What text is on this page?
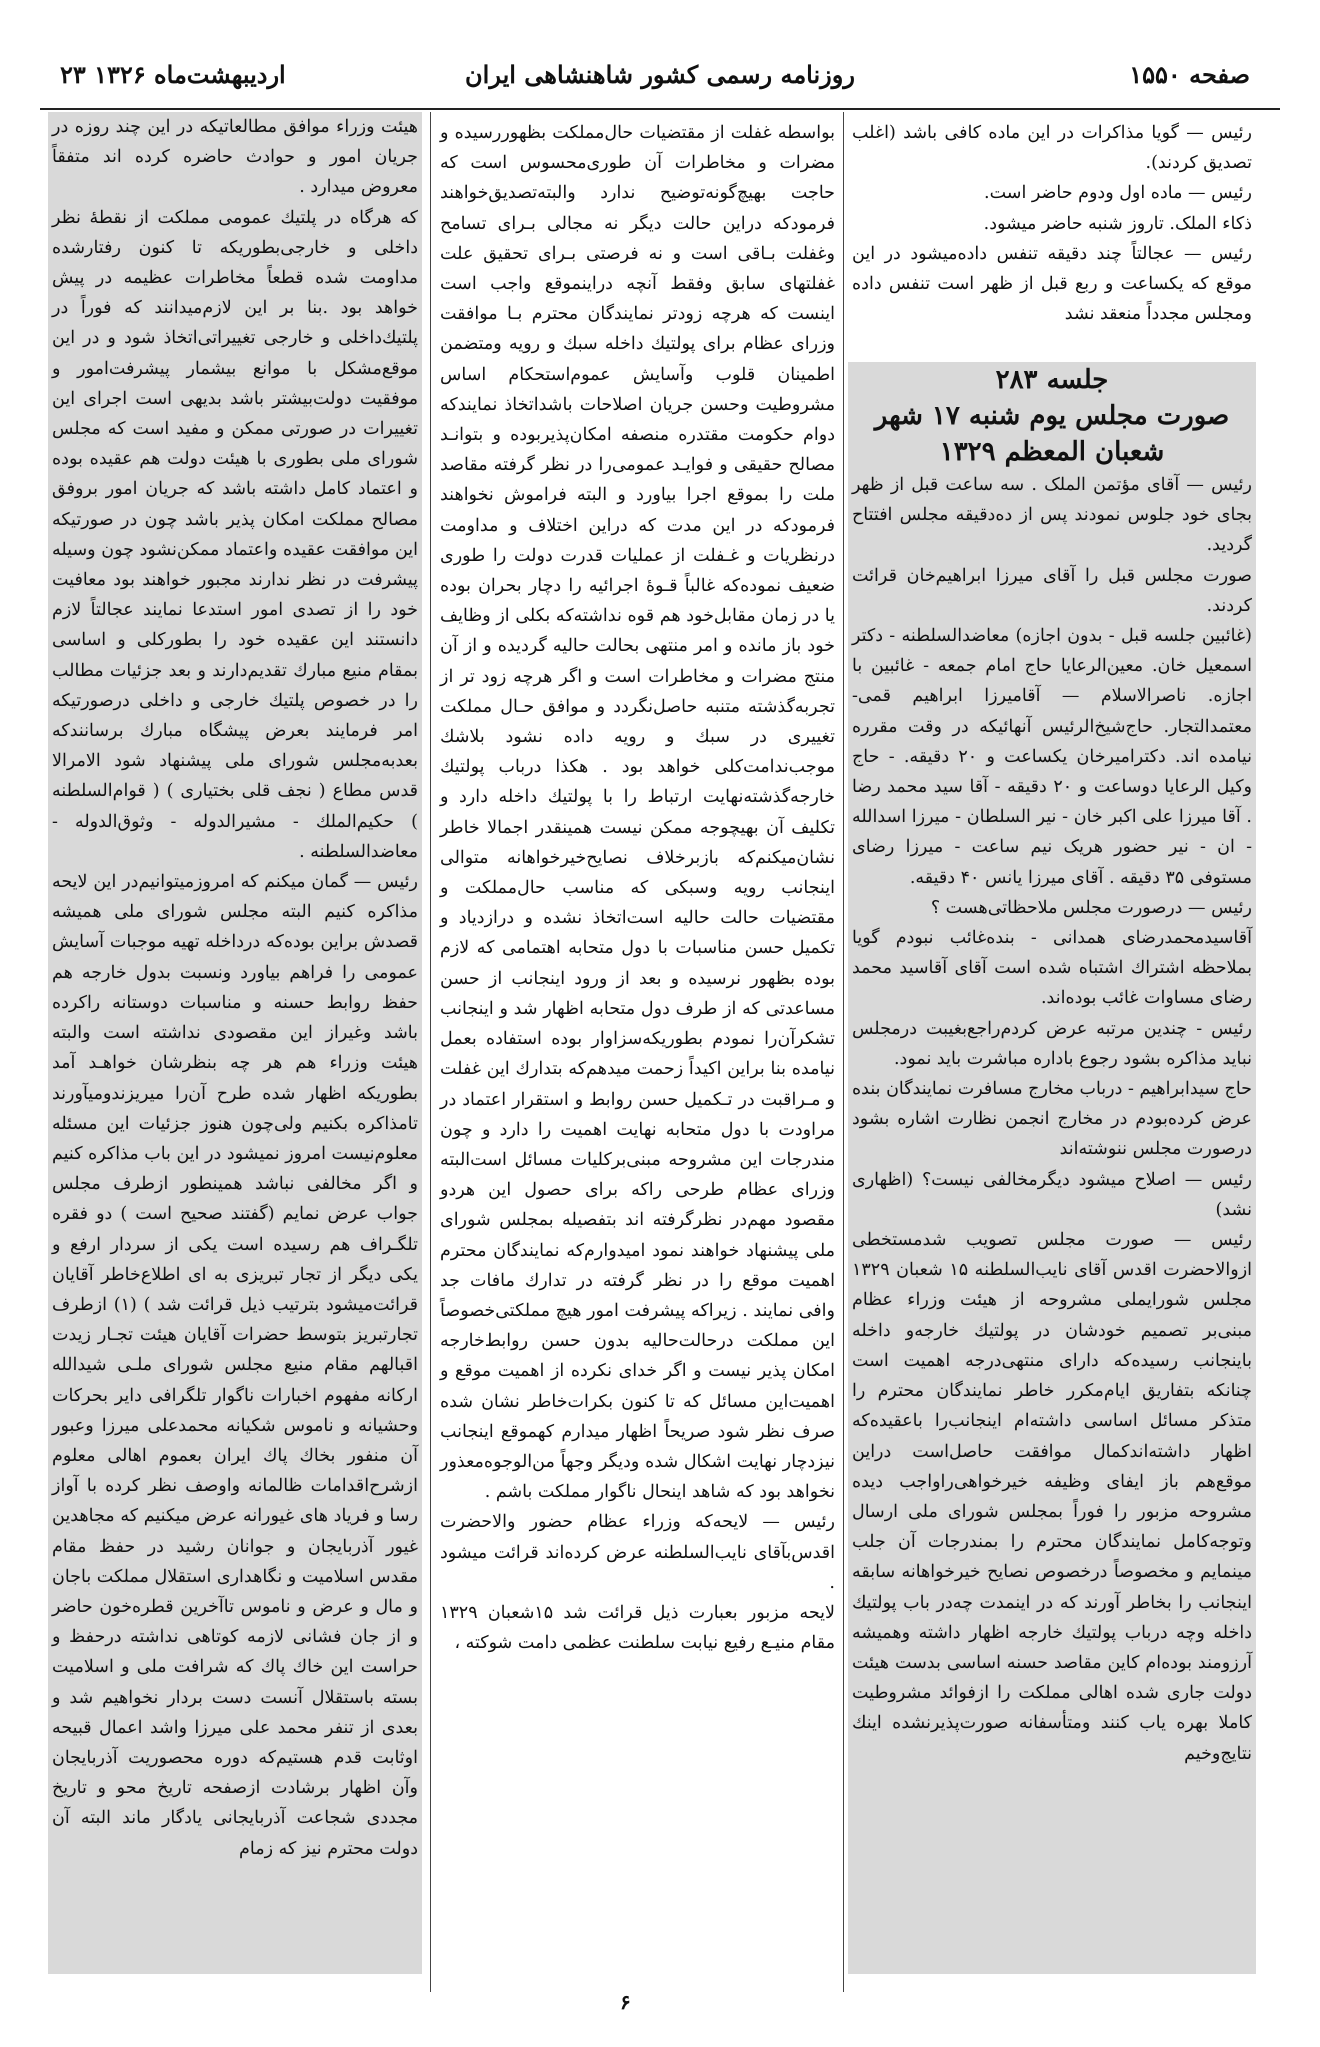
۲۳ اردیبهشت‌ماه ۱۳۲۶	روزنامه رسمی کشور شاهنشاهی ایران	صفحه ۱۵۵۰

رئیس — گویا مذاکرات در این ماده کافی باشد (اغلب تصدیق کردند).

رئیس — ماده اول ودوم حاضر است.

ذکاء الملک. تاروز شنبه حاضر میشود.

رئیس — عجالتاً چند دقیقه تنفس داده‌میشود در این موقع که یکساعت و ربع قبل از ظهر است تنفس داده ومجلس مجدداً منعقد نشد

جلسه ۲۸۳

صورت مجلس یوم شنبه ۱۷ شهر شعبان المعظم ۱۳۲۹

رئیس — آقای مؤتمن الملک . سه ساعت قبل از ظهر بجای خود جلوس نمودند پس از ده‌دقیقه مجلس افتتاح گردید.

صورت مجلس قبل را آقای میرزا ابراهیم‌خان قرائت کردند.

(غائبین جلسه قبل - بدون اجازه) معاضدالسلطنه - دکتر اسمعیل خان. معین‌الرعایا حاج امام جمعه - غائبین با اجازه. ناصرالاسلام — آقامیرزا ابراهیم قمی- معتمدالتجار. حاج‌شیخ‌الرئیس آنهائیکه در وقت مقرره نیامده اند. دکترامیرخان یکساعت و ۲۰ دقیقه. - حاج وکیل الرعایا دوساعت و ۲۰ دقیقه - آقا سید محمد رضا . آقا میرزا علی اکبر خان - نیر السلطان - میرزا اسدالله - ان - نیر حضور هریک نیم ساعت - میرزا رضای مستوفی ۳۵ دقیقه . آقای میرزا یانس ۴۰ دقیقه.

رئیس — درصورت مجلس ملاحظاتی‌هست ؟

آقاسیدمحمدرضای همدانی - بنده‌غائب نبودم گویا بملاحظه اشتراك اشتباه شده است آقای آقاسید محمد رضای مساوات غائب بوده‌اند.

رئیس - چندین مرتبه عرض کردم‌راجع‌بغیبت درمجلس نباید مذاکره بشود رجوع باداره مباشرت باید نمود.

حاج سیدابراهیم - درباب مخارج مسافرت نمایندگان بنده عرض کرده‌بودم در مخارج انجمن نظارت اشاره بشود درصورت مجلس ننوشته‌اند

رئیس — اصلاح میشود دیگرمخالفی نیست؟ (اظهاری نشد)

رئیس — صورت مجلس تصویب شدمستخطی ازوالاحضرت اقدس آقای نایب‌السلطنه ۱۵ شعبان ۱۳۲۹ مجلس شورایملی مشروحه از هیئت وزراء عظام مبنی‌بر تصمیم خودشان در پولتیك خارجه‌و داخله باینجانب رسیده‌که دارای منتهی‌درجه اهمیت است چنانکه بتفاریق ایام‌مکرر خاطر نمایندگان محترم را متذکر مسائل اساسی داشته‌ام اینجانب‌را باعقیده‌که اظهار داشته‌اند‌کمال موافقت حاصل‌است دراین موقع‌هم باز ایفای وظیفه خیرخواهی‌راواجب دیده مشروحه مزبور را فوراً بمجلس شورای ملی ارسال وتوجه‌کامل نمایندگان محترم را بمندرجات آن جلب مینمایم و مخصوصاً درخصوص نصایح خیرخواهانه سابقه اینجانب را بخاطر آورند که در اینمدت چه‌در باب پولتیك داخله وچه درباب پولتیك خارجه اظهار داشته وهمیشه آرزومند بوده‌ام کاین مقاصد حسنه اساسی بدست هیئت دولت جاری شده اهالی مملکت را ازفوائد مشروطیت کاملا بهره یاب کنند ومتأسفانه صورت‌پذیرنشده اینك نتایج‌وخیم

بواسطه غفلت از مقتضیات حال‌مملکت بظهوررسیده و مضرات و مخاطرات آن طوری‌محسوس است که حاجت بهیچ‌گونه‌توضیح ندارد والبته‌تصدیق‌خواهند فرمودکه دراین حالت دیگر نه مجالی بـرای تسامح وغفلت بـاقی است و نه فرصتی بـرای تحقیق علت غفلتهای سابق وفقط آنچه دراینموقع واجب است اینست که هرچه زودتر نمایندگان محترم بـا موافقت وزرای عظام برای پولتیك داخله سبك و رویه ومتضمن اطمینان قلوب وآسایش عموم‌استحکام اساس مشروطیت وحسن جریان اصلاحات باشداتخاذ نمایندکه دوام حکومت مقتدره منصفه امکان‌پذیربوده و بتوانـد مصالح حقیقی و فوایـد عمومی‌را در نظر گرفته مقاصد ملت را بموقع اجرا بیاورد و البته فراموش نخواهند فرمودکه در این مدت که دراین اختلاف و مداومت درنظریات و غـفلت از عملیات قدرت دولت را طوری ضعیف نموده‌که غالباً قـوهٔ اجرائیه را دچار بحران بوده یا در زمان مقابل‌خود هم قوه نداشته‌که بکلی از وظایف خود باز مانده و امر منتهی بحالت حالیه گردیده‌ و از آن منتج مضرات و مخاطرات است‌ ‌‌و اگر هرچه زود تر از تجربه‌گذشته متنبه حاصل‌نگردد و موافق حـال مملکت تغییری در سبك و رویه داده نشود بلاشك موجب‌ندامت‌کلی خواهد بود . هکذا درباب پولتیك خارجه‌گذشته‌نهایت ارتباط را با پولتیك داخله دارد و تکلیف آن بهیچوجه ممکن نیست همینقدر اجمالا خاطر نشان‌میکنم‌که بازبرخلاف نصایح‌خیرخواهانه متوالی اینجانب رویه وسبکی که مناسب حال‌مملکت و مقتضیات حالت حالیه است‌اتخاذ نشده و درازدیاد و تکمیل حسن مناسبات با دول متحابه اهتمامی که لازم بوده بظهور نرسیده و بعد از ورود اینجانب از حسن مساعدتی که از طرف دول متحابه اظهار شد و اینجانب تشکرآن‌را نمودم بطوریکه‌سزاوار بوده استفاده بعمل نیامده بنا براین اکیداً زحمت میدهم‌که بتدارك این غفلت و مـراقبت در تـکمیل حسن روابط و استقرار اعتماد در مراودت با دول متحابه نهایت اهمیت را دارد و چون مندرجات این مشروحه مبنی‌برکلیات مسائل است‌البته وزرای عظام طرحی را‌که برای حصول این هردو مقصود مهم‌در نظرگرفته اند بتفصیله بمجلس شورای ملی پیشنهاد خواهند نمود امیدوارم‌که نمایندگان محترم اهمیت موقع را در نظر گرفته در تدارك مافات جد وافی نمایند . زیراکه پیشرفت امور هیچ مملکتی‌خصوصاً این مملکت درحالت‌حالیه بدون حسن روابط‌خارجه امکان پذیر نیست و اگر خدای نکرده از اهمیت موقع و اهمیت‌این مسائل که تا کنون بکرات‌خاطر نشان شده صرف نظر شود صریحاً اظهار میدارم کهموقع اینجانب نیزدچار نهایت اشکال شده ودیگر وجهاً من‌الوجوه‌معذور نخواهد بود که شاهد اینحال ناگوار مملکت باشم .

رئیس — لایحه‌که وزراء عظام حضور والاحضرت اقدس‌بآقای نایب‌السلطنه عرض کرده‌اند قرائت میشود .

لایحه مزبور بعبارت ذیل قرائت شد ۱۵شعبان ۱۳۲۹ مقام منیـع رفیع نیابت سلطنت عظمی دامت شوکته ،

هیئت وزراء موافق مطالعاتیکه در این چند روزه در جریان امور و حوادث حاضره کرده اند متفقاً معروض میدارد .

که هرگاه در پلتیك عمومی مملکت از نقطهٔ نظر داخلی و خارجی‌بطوریکه تا کنون رفتارشده مداومت شده قطعاً مخاطرات عظیمه در پیش خواهد بود .بنا بر این لازم‌میدانند که فوراً در پلتیك‌داخلی و خارجی تغییراتی‌اتخاذ شود و در این موقع‌مشکل با موانع بیشمار پیشرفت‌امور و موفقیت دولت‌بیشتر باشد بدیهی است اجرای این تغییرات در صورتی ممکن و مفید است که مجلس شورای ملی بطوری با هیئت دولت هم عقیده بوده و اعتماد کامل داشته باشد که جریان امور بروفق مصالح مملکت امکان پذیر باشد چون در صورتیکه این موافقت عقیده واعتماد ممکن‌نشود چون وسیله پیشرفت در نظر ندارند مجبور خواهند بود معافیت خود را از تصدی امور استدعا نمایند عجالتاً لازم دانستند این عقیده خود را بطورکلی و اساسی بمقام منیع مبارك تقدیم‌دارند و بعد جزئیات مطالب را در خصوص پلتیك خارجی و داخلی درصورتیکه امر فرمایند بعرض پیشگاه مبارك برسانند‌که بعد‌به‌مجلس شورای ملی پیشنهاد شود الامرالا قدس مطاع ( نجف قلی بختیاری ) ( قوام‌السلطنه ) حکیم‌الملك - مشیرالدوله - وثوق‌الدوله - معاضدالسلطنه .

رئیس — گمان میکنم که امروزمیتوانیم‌در این لایحه مذاکره کنیم البته مجلس شورای ملی همیشه قصدش براین بوده‌که درداخله تهیه موجبات آسایش عمومی را فراهم بیاورد ونسبت بدول خارجه هم حفظ روابط حسنه و مناسبات دوستانه را‌کرده باشد وغیراز این مقصودی نداشته است والبته هیئت وزراء هم هر چه بنظرشان خواهـد آمد بطوریکه اظهار شده طرح آن‌را میریزندومیآورند تامذاکره بکنیم ولی‌چون هنوز جزئیات این مسئله معلوم‌نیست امروز نمیشود در این باب مذاکره کنیم و اگر مخالفی نباشد همینطور ازطرف مجلس جواب عرض نمایم (گفتند صحیح است ) دو فقره تلگـراف هم رسیده است یکی از سردار ارفع و یکی دیگر از تجار تبریزی به ای اطلاع‌خاطر آقایان قرائت‌میشود بترتیب ذیل قرائت شد ) (۱) ازطرف تجارتبریز بتوسط حضرات آقایان هیئت تجـار زیدت اقبالهم مقام منیع مجلس شورای ملـی شیدالله ارکانه مفهوم اخبارات ناگوار تلگرافی دایر بحرکات وحشیانه و ناموس شکیانه محمدعلی میرزا وعبور آن منفور بخاك پاك ایران بعموم اهالی معلوم ازشرح‌اقدامات ظالمانه واوصف نظر کرده با آواز رسا و فریاد های غیورانه عرض میکنیم که مجاهدین غیور آذربایجان و جوانان رشید در حفظ مقام مقدس اسلامیت و نگاهداری استقلال مملکت باجان و مال و عرض و ناموس تاآخرین قطره‌خون حاضر و از جان فشانی لازمه کوتاهی نداشته درحفظ و حراست این خاك پاك که شرافت ملی و اسلامیت بسته باستقلال آنست دست بردار نخواهیم شد و بعدی از تنفر محمد علی میرزا واشد اعمال قبیحه اوثابت قدم هستیم‌که دوره محصوریت آذربایجان وآن اظهار برشادت ازصفحه تاریخ محو و تاریخ مجددی شجاعت آذربایجانی یادگار ماند ‌البته آن دولت محترم نیز که زمام

۶
